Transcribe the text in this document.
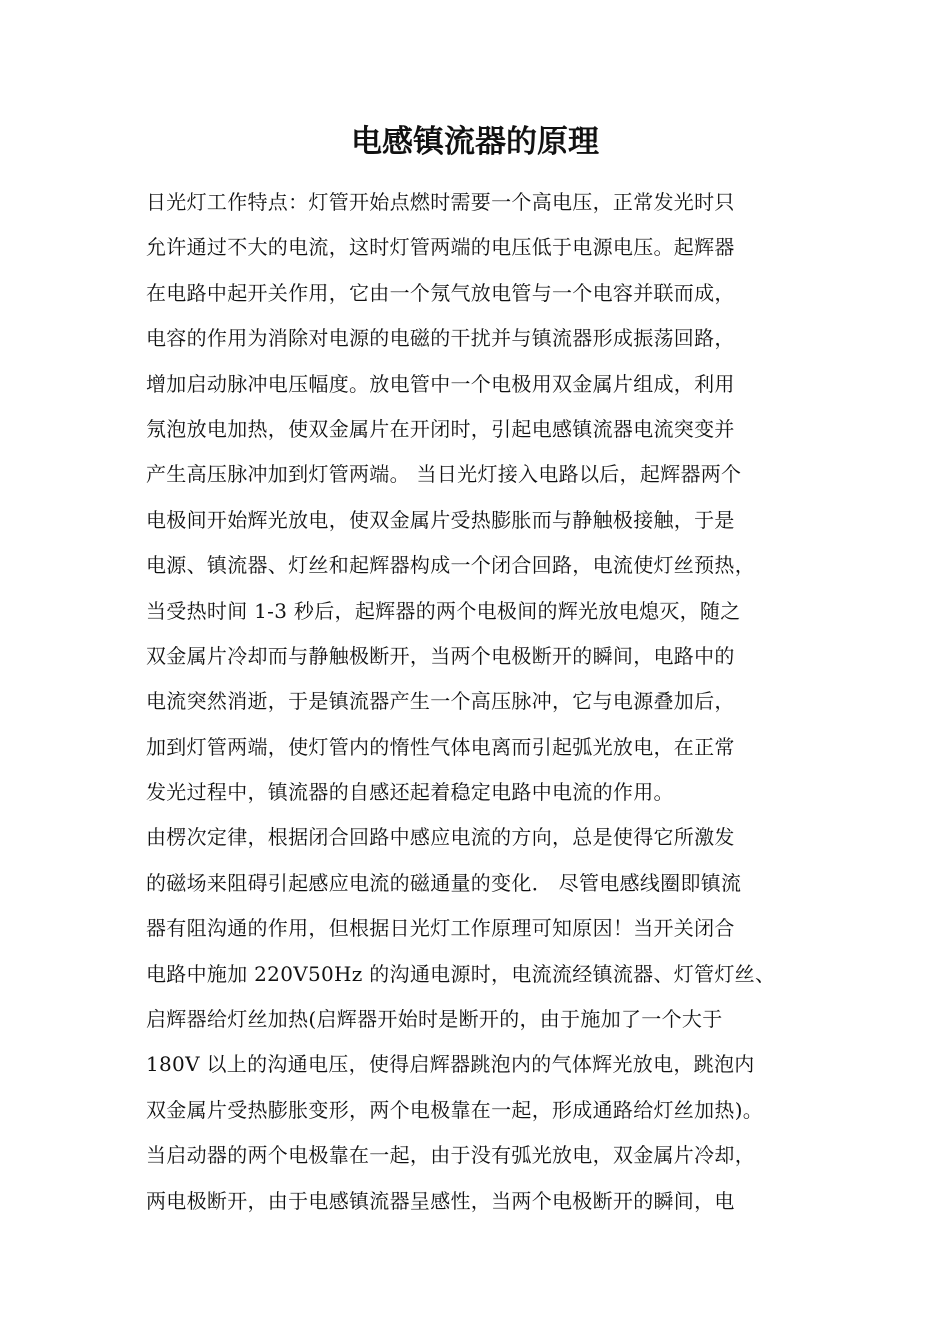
电感镇流器的原理
日光灯工作特点：灯管开始点燃时需要一个高电压，正常发光时只
允许通过不大的电流，这时灯管两端的电压低于电源电压。起辉器
在电路中起开关作用，它由一个氖气放电管与一个电容并联而成，
电容的作用为消除对电源的电磁的干扰并与镇流器形成振荡回路，
增加启动脉冲电压幅度。放电管中一个电极用双金属片组成，利用
氖泡放电加热，使双金属片在开闭时，引起电感镇流器电流突变并
产生高压脉冲加到灯管两端。 当日光灯接入电路以后，起辉器两个
电极间开始辉光放电，使双金属片受热膨胀而与静触极接触，于是
电源、镇流器、灯丝和起辉器构成一个闭合回路，电流使灯丝预热，
当受热时间 1-3 秒后，起辉器的两个电极间的辉光放电熄灭，随之
双金属片冷却而与静触极断开，当两个电极断开的瞬间，电路中的
电流突然消逝，于是镇流器产生一个高压脉冲，它与电源叠加后，
加到灯管两端，使灯管内的惰性气体电离而引起弧光放电，在正常
发光过程中，镇流器的自感还起着稳定电路中电流的作用。
由楞次定律，根据闭合回路中感应电流的方向，总是使得它所激发
的磁场来阻碍引起感应电流的磁通量的变化． 尽管电感线圈即镇流
器有阻沟通的作用，但根据日光灯工作原理可知原因！当开关闭合
电路中施加 220V50Hz 的沟通电源时，电流流经镇流器、灯管灯丝、
启辉器给灯丝加热(启辉器开始时是断开的，由于施加了一个大于
180V 以上的沟通电压，使得启辉器跳泡内的气体辉光放电，跳泡内
双金属片受热膨胀变形，两个电极靠在一起，形成通路给灯丝加热)。
当启动器的两个电极靠在一起，由于没有弧光放电，双金属片冷却，
两电极断开，由于电感镇流器呈感性，当两个电极断开的瞬间，电
